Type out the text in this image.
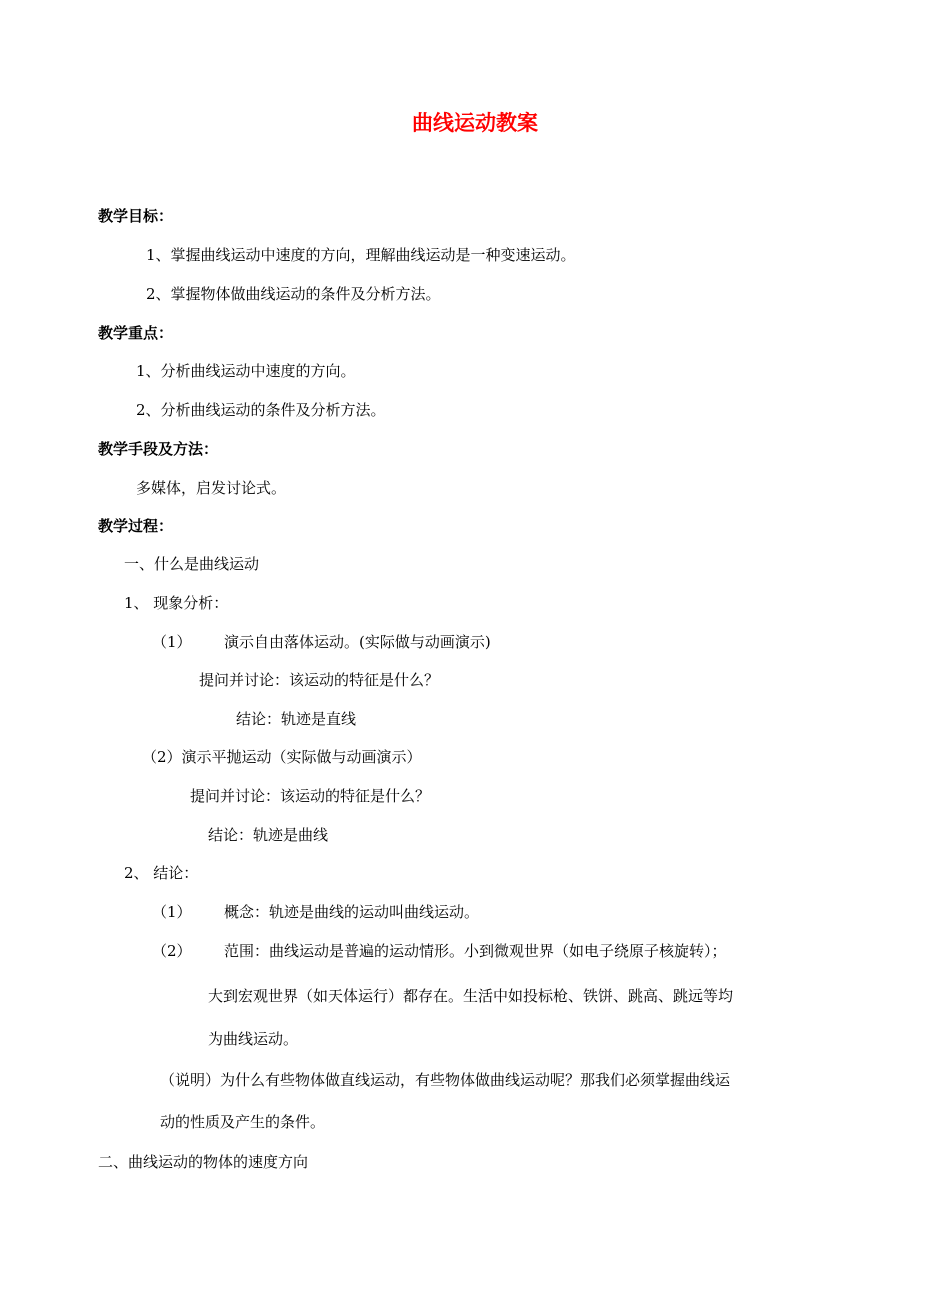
曲线运动教案
教学目标：
1、掌握曲线运动中速度的方向，理解曲线运动是一种变速运动。
2、掌握物体做曲线运动的条件及分析方法。
教学重点：
1、分析曲线运动中速度的方向。
2、分析曲线运动的条件及分析方法。
教学手段及方法：
多媒体，启发讨论式。
教学过程：
一、什么是曲线运动
1、 现象分析：
（1） 演示自由落体运动。(实际做与动画演示)
提问并讨论：该运动的特征是什么？
结论：轨迹是直线
（2）演示平抛运动（实际做与动画演示）
提问并讨论：该运动的特征是什么？
结论：轨迹是曲线
2、 结论：
（1） 概念：轨迹是曲线的运动叫曲线运动。
（2） 范围：曲线运动是普遍的运动情形。小到微观世界（如电子绕原子核旋转）；
大到宏观世界（如天体运行）都存在。生活中如投标枪、铁饼、跳高、跳远等均
为曲线运动。
（说明）为什么有些物体做直线运动，有些物体做曲线运动呢？那我们必须掌握曲线运
动的性质及产生的条件。
二、曲线运动的物体的速度方向
